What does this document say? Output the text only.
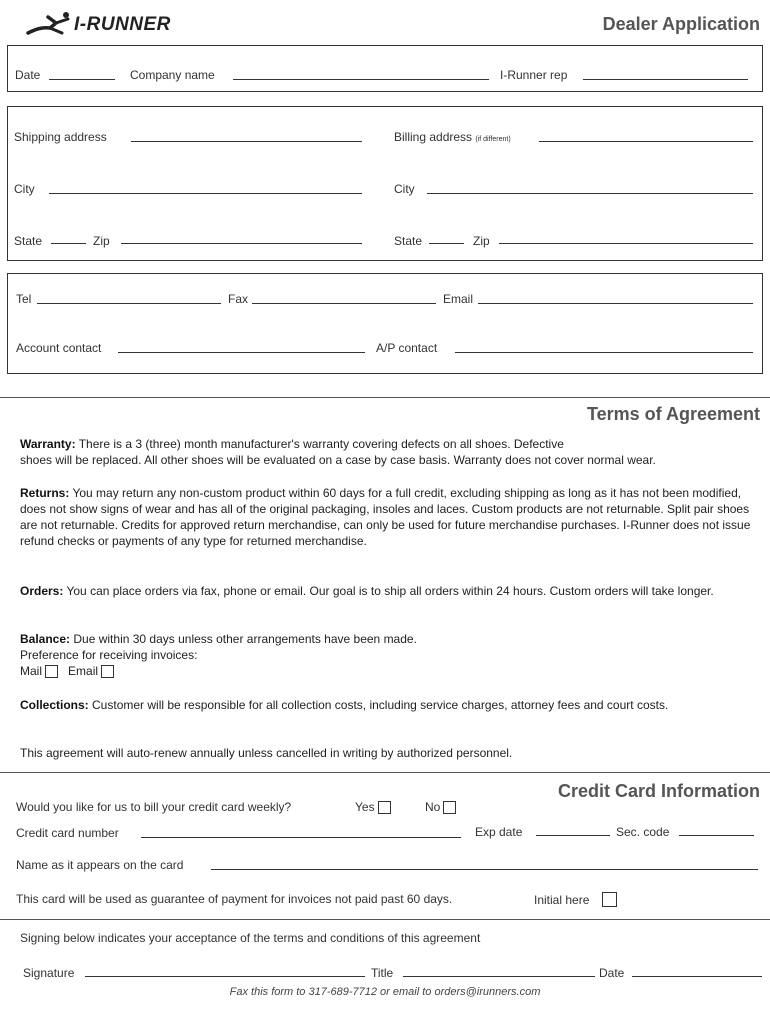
I-RUNNER	Dealer Application
Date	Company name	I-Runner rep
Shipping address	Billing address (if different)
City	City
State	Zip	State	Zip
Tel	Fax	Email
Account contact	A/P contact
Terms of Agreement
Warranty: There is a 3 (three) month manufacturer's warranty covering defects on all shoes. Defective
shoes will be replaced. All other shoes will be evaluated on a case by case basis. Warranty does not cover normal wear.
Returns: You may return any non-custom product within 60 days for a full credit, excluding shipping as long as it has not been modified, does not show signs of wear and has all of the original packaging, insoles and laces. Custom products are not returnable. Split pair shoes are not returnable. Credits for approved return merchandise, can only be used for future merchandise purchases. I-Runner does not issue refund checks or payments of any type for returned merchandise.
Orders: You can place orders via fax, phone or email. Our goal is to ship all orders within 24 hours. Custom orders will take longer.
Balance: Due within 30 days unless other arrangements have been made.
Preference for receiving invoices:
Mail Email
Collections: Customer will be responsible for all collection costs, including service charges, attorney fees and court costs.
This agreement will auto-renew annually unless cancelled in writing by authorized personnel.
Credit Card Information
Would you like for us to bill your credit card weekly?	Yes	No
Credit card number	Exp date	Sec. code
Name as it appears on the card
This card will be used as guarantee of payment for invoices not paid past 60 days.	Initial here
Signing below indicates your acceptance of the terms and conditions of this agreement
Signature	Title	Date
Fax this form to 317-689-7712 or email to orders@irunners.com
